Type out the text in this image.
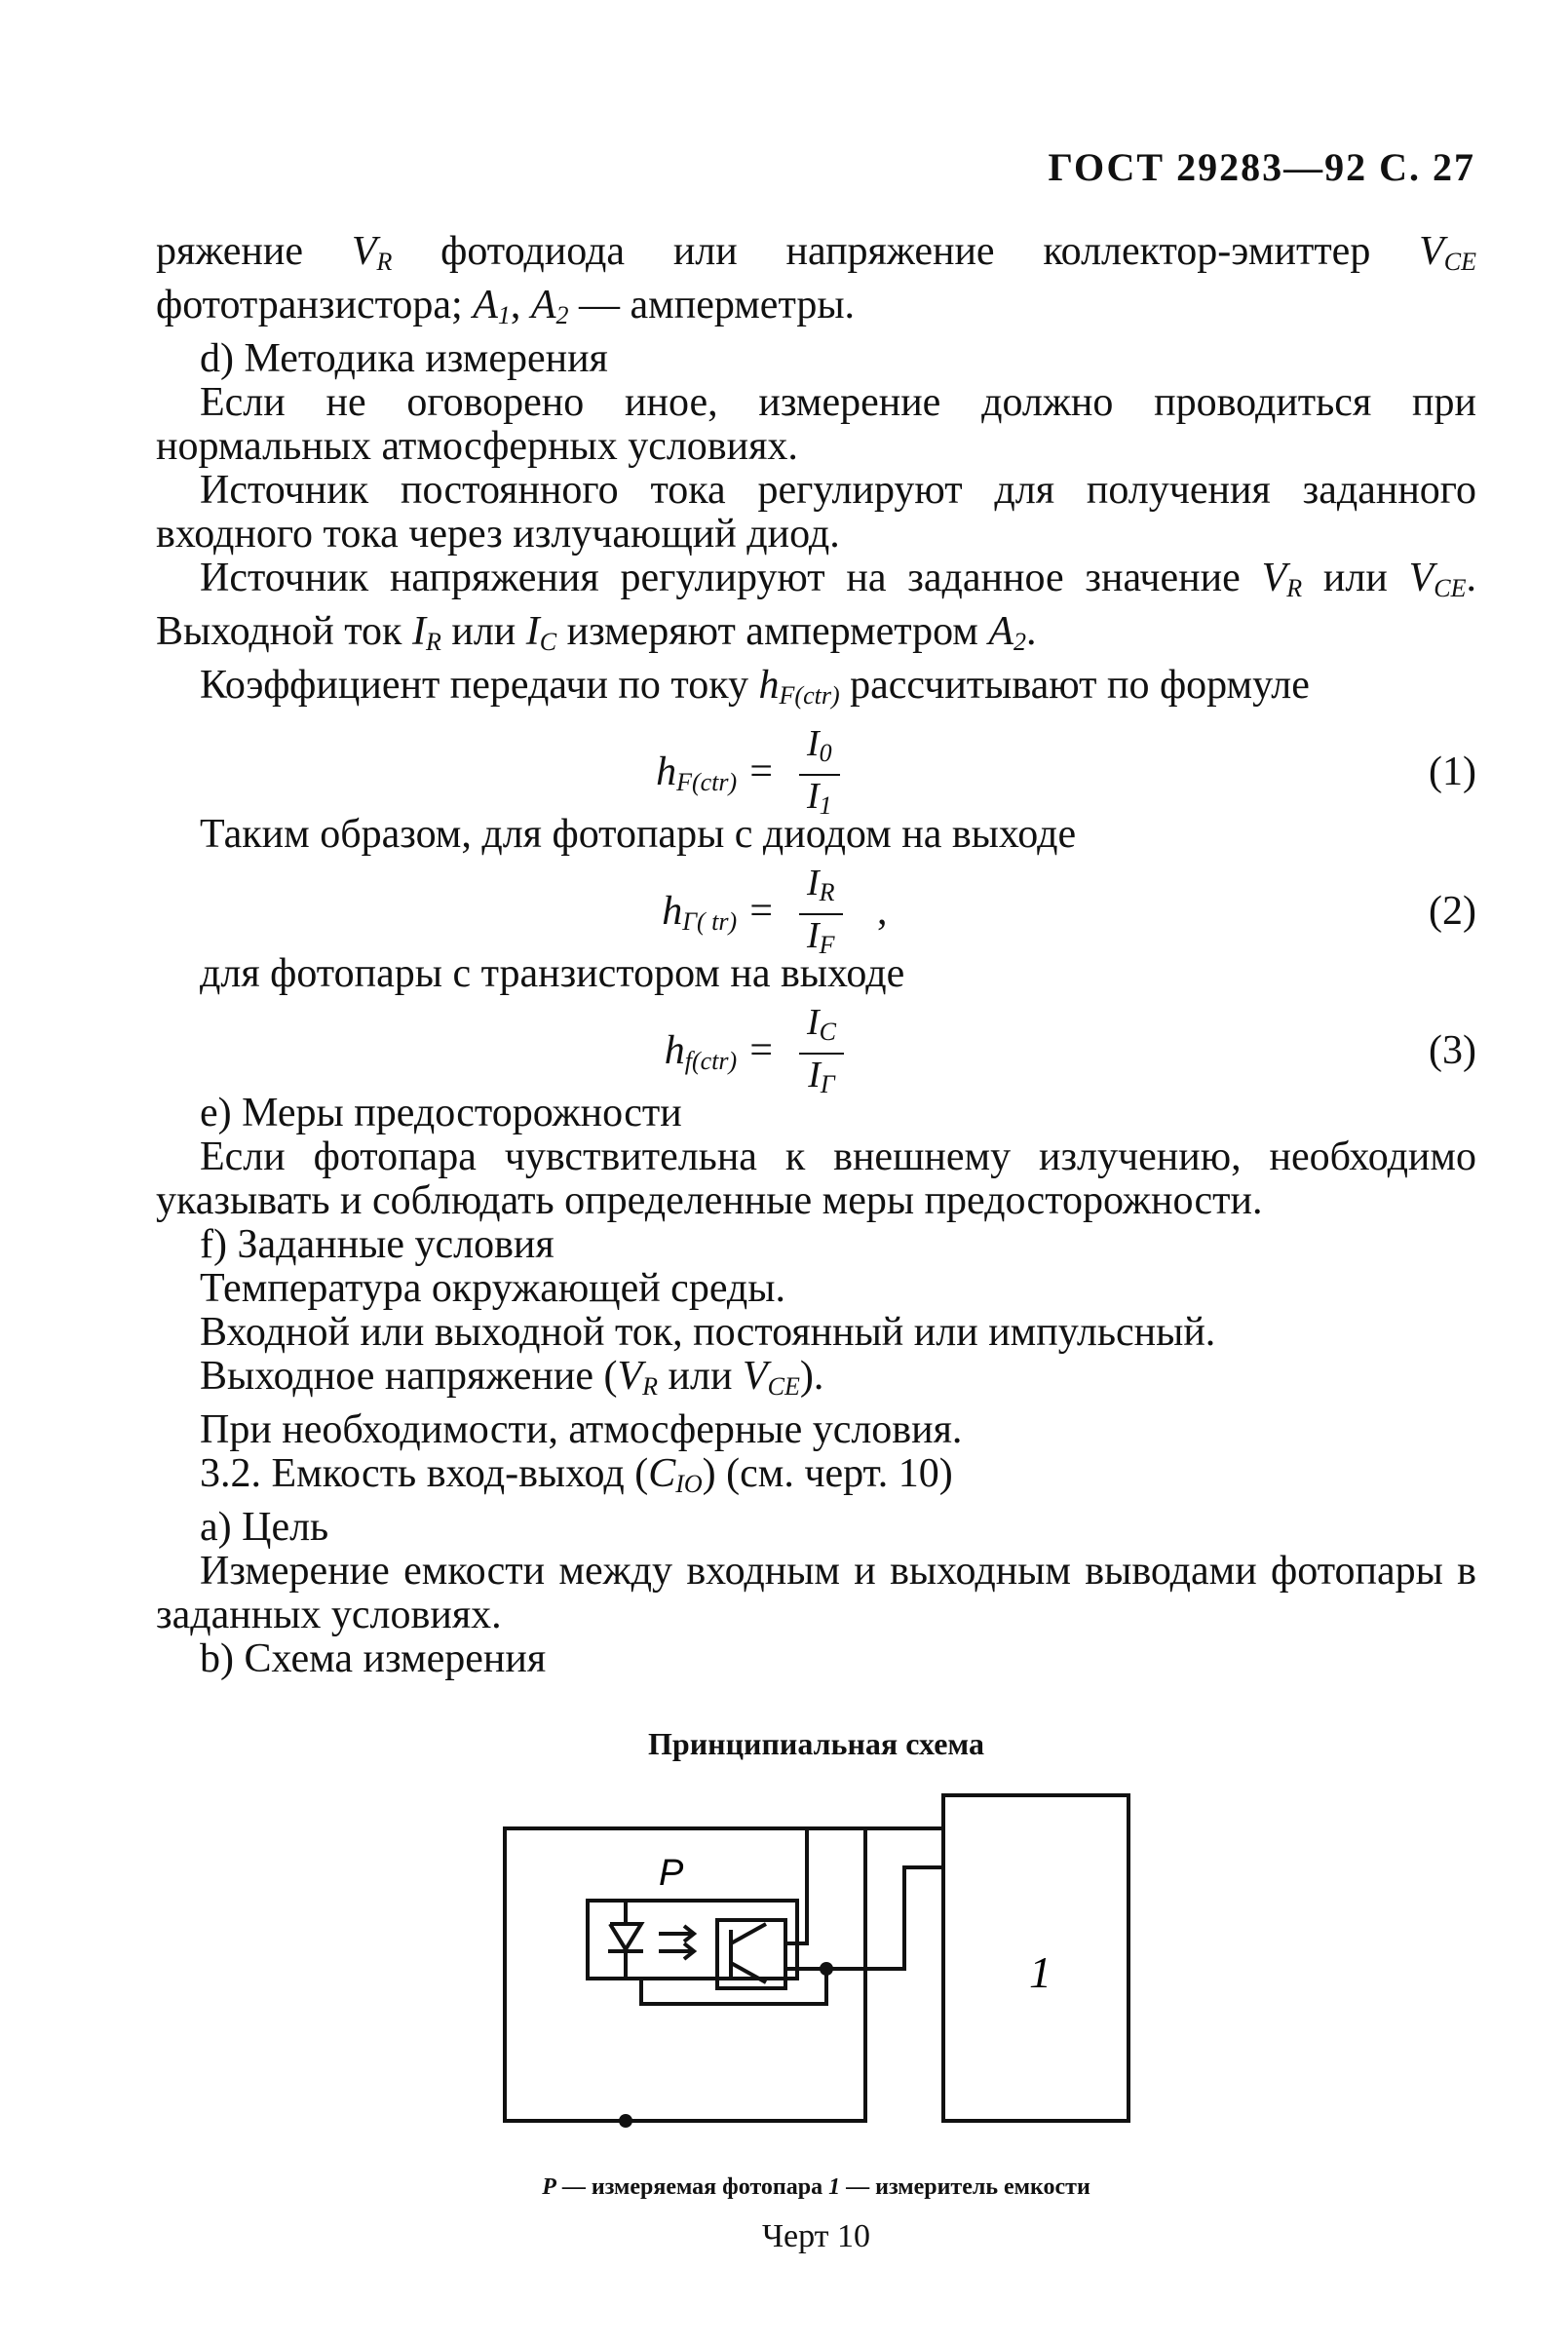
ГОСТ 29283—92 С. 27

ряжение $V_R$ фотодиода или напряжение коллектор-эмиттер $V_{CE}$ фототранзистора; $A_1$, $A_2$ — амперметры.

d) Методика измерения

Если не оговорено иное, измерение должно проводиться при нормальных атмосферных условиях.

Источник постоянного тока регулируют для получения заданного входного тока через излучающий диод.

Источник напряжения регулируют на заданное значение $V_R$ или $V_{CE}$. Выходной ток $I_R$ или $I_C$ измеряют амперметром $A_2$.

Коэффициент передачи по току $h_{F(ctr)}$ рассчитывают по формуле

$h_{F(ctr)} = \frac{I_0}{I_1}$	(1)

Таким образом, для фотопары с диодом на выходе

$h_{Г( tr)} = \frac{I_R}{I_F}$ ,	(2)

для фотопары с транзистором на выходе

$h_{f(ctr)}$ =
$I_C$
$I_Г$
(3)

е) Меры предосторожности

Если фотопара чувствительна к внешнему излучению, необходимо указывать и соблюдать определенные меры предосторожности.

f) Заданные условия

Температура окружающей среды.

Входной или выходной ток, постоянный или импульсный.

Выходное напряжение ($V_R$ или $V_{CE}$).

При необходимости, атмосферные условия.

3.2. Емкость вход-выход $(C_{IO})$ (см. черт. 10)

а) Цель

Измерение емкости между входным и выходным выводами фотопары в заданных условиях.

b) Схема измерения

Принципиальная схема
P
1
P — измеряемая фотопара 1 — измеритель емкости
Черт 10
